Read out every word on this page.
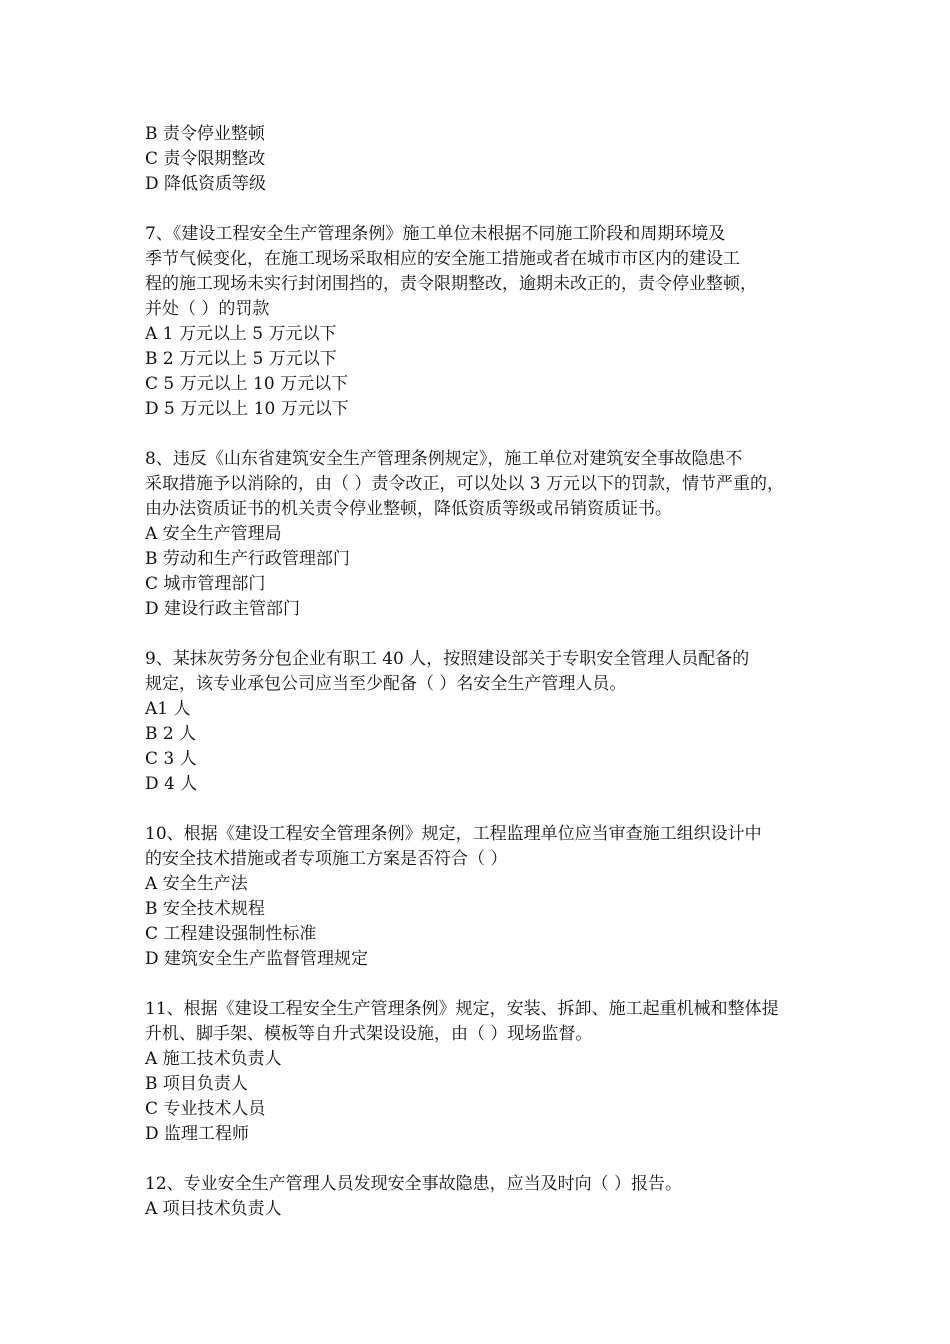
B 责令停业整顿
C 责令限期整改
D 降低资质等级
7、《建设工程安全生产管理条例》施工单位未根据不同施工阶段和周期环境及
季节气候变化，在施工现场采取相应的安全施工措施或者在城市市区内的建设工
程的施工现场未实行封闭围挡的，责令限期整改，逾期未改正的，责令停业整顿，
并处（ ）的罚款
A 1 万元以上 5 万元以下
B 2 万元以上 5 万元以下
C 5 万元以上 10 万元以下
D 5 万元以上 10 万元以下
8、违反《山东省建筑安全生产管理条例规定》，施工单位对建筑安全事故隐患不
采取措施予以消除的，由（ ）责令改正，可以处以 3 万元以下的罚款，情节严重的，
由办法资质证书的机关责令停业整顿，降低资质等级或吊销资质证书。
A 安全生产管理局
B 劳动和生产行政管理部门
C 城市管理部门
D 建设行政主管部门
9、某抹灰劳务分包企业有职工 40 人，按照建设部关于专职安全管理人员配备的
规定，该专业承包公司应当至少配备（ ）名安全生产管理人员。
A1 人
B 2 人
C 3 人
D 4 人
10、根据《建设工程安全管理条例》规定，工程监理单位应当审查施工组织设计中
的安全技术措施或者专项施工方案是否符合（ ）
A 安全生产法
B 安全技术规程
C 工程建设强制性标准
D 建筑安全生产监督管理规定
11、根据《建设工程安全生产管理条例》规定，安装、拆卸、施工起重机械和整体提
升机、脚手架、模板等自升式架设设施，由（ ）现场监督。
A 施工技术负责人
B 项目负责人
C 专业技术人员
D 监理工程师
12、专业安全生产管理人员发现安全事故隐患，应当及时向（ ）报告。
A 项目技术负责人
